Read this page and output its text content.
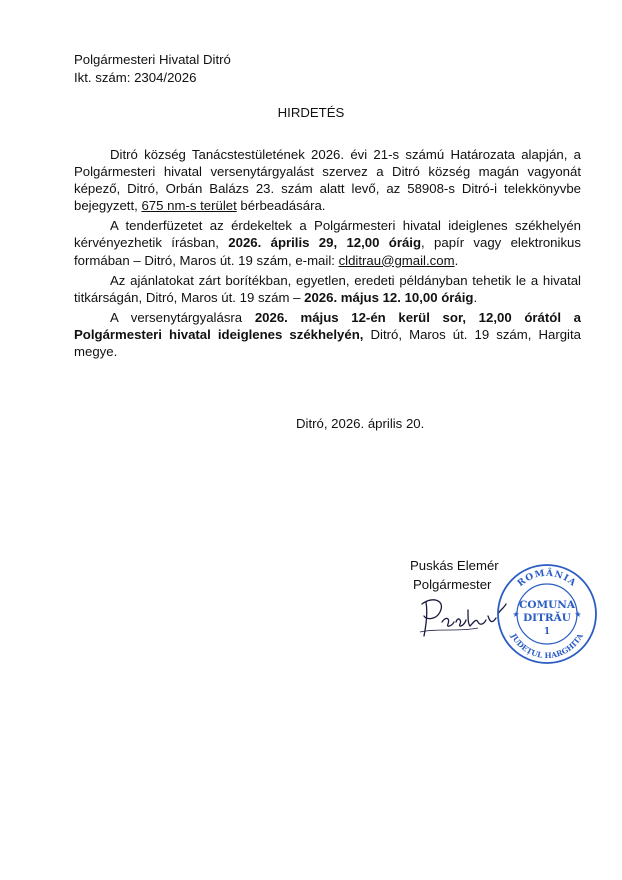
Polgármesteri Hivatal Ditró
Ikt. szám: 2304/2026
HIRDETÉS

Ditró község Tanácstestületének 2026. évi 21-s számú Határozata alapján, a Polgármesteri hivatal versenytárgyalást szervez a Ditró község magán vagyonát képező, Ditró, Orbán Balázs 23. szám alatt levő, az 58908-s Ditró-i telekkönyvbe bejegyzett, 675 nm-s terület bérbeadására.

A tenderfüzetet az érdekeltek a Polgármesteri hivatal ideiglenes székhelyén kérvényezhetik írásban, 2026. április 29, 12,00 óráig, papír vagy elektronikus formában – Ditró, Maros út. 19 szám, e-mail: clditrau@gmail.com.

Az ajánlatokat zárt borítékban, egyetlen, eredeti példányban tehetik le a hivatal titkárságán, Ditró, Maros út. 19 szám – 2026. május 12. 10,00 óráig.

A versenytárgyalásra 2026. május 12-én kerül sor, 12,00 órától a Polgármesteri hivatal ideiglenes székhelyén, Ditró, Maros út. 19 szám, Hargita megye.

Ditró, 2026. április 20.
Puskás Elemér
Polgármester	ROMÂNIA
JUDEȚUL HARGHITA
COMUNA
DITRĂU
1
★	★
